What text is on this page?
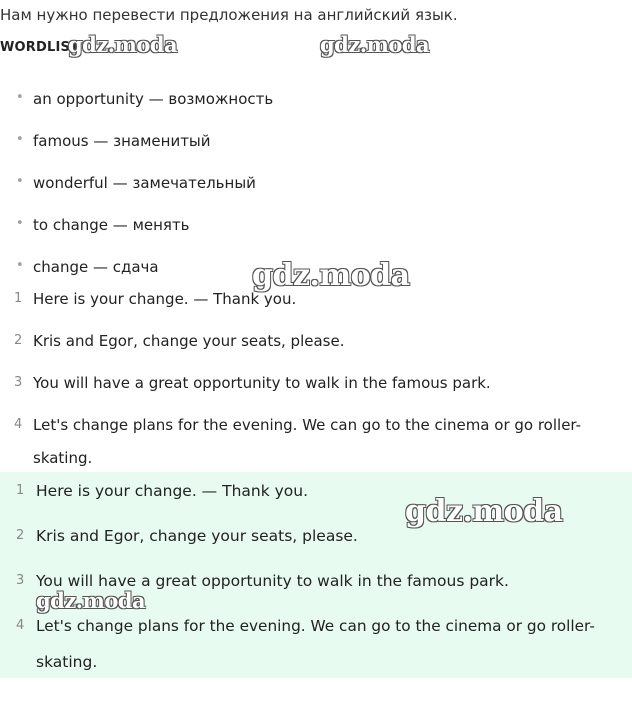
Нам нужно перевести предложения на английский язык.
WORDLIST
gdz.moda	gdz.moda
• an opportunity — возможность
• famous — знаменитый
• wonderful — замечательный
• to change — менять
• change — сдача
1 Here is your change. — Thank you.
2 Kris and Egor, change your seats, please.
3 You will have a great opportunity to walk in the famous park.
4 Let's change plans for the evening. We can go to the cinema or go roller-
skating.
gdz.moda
1 Here is your change. — Thank you.
2 Kris and Egor, change your seats, please.
3 You will have a great opportunity to walk in the famous park.
4 Let's change plans for the evening. We can go to the cinema or go roller-
skating.
gdz.moda
gdz.moda
